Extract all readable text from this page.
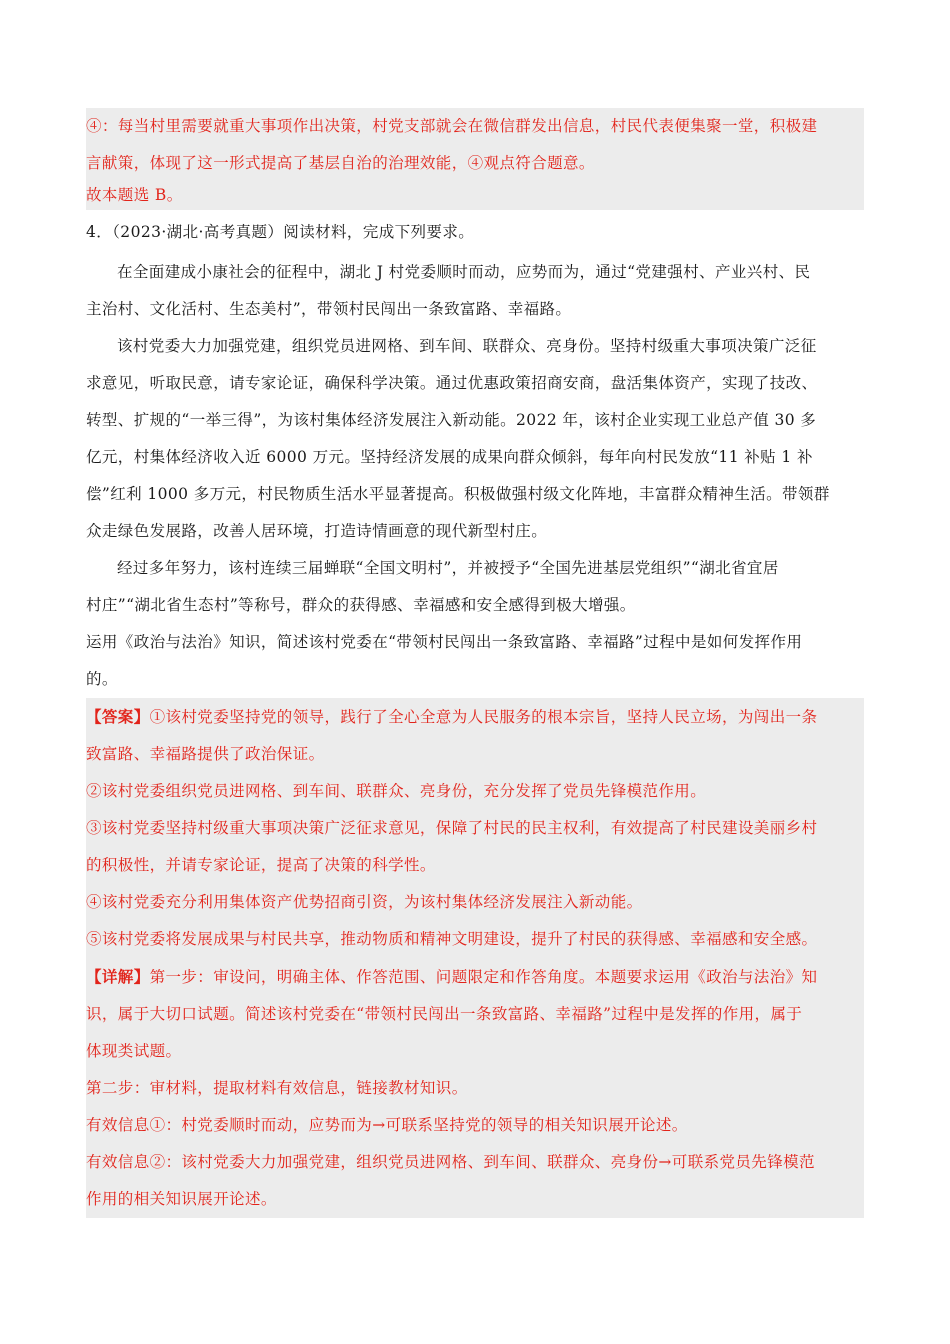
④：每当村里需要就重大事项作出决策，村党支部就会在微信群发出信息，村民代表便集聚一堂，积极建
言献策，体现了这一形式提高了基层自治的治理效能，④观点符合题意。
故本题选 B。
4．（2023·湖北·高考真题）阅读材料，完成下列要求。
在全面建成小康社会的征程中，湖北 J 村党委顺时而动，应势而为，通过“党建强村、产业兴村、民
主治村、文化活村、生态美村”，带领村民闯出一条致富路、幸福路。
该村党委大力加强党建，组织党员进网格、到车间、联群众、亮身份。坚持村级重大事项决策广泛征
求意见，听取民意，请专家论证，确保科学决策。通过优惠政策招商安商，盘活集体资产，实现了技改、
转型、扩规的“一举三得”，为该村集体经济发展注入新动能。2022 年，该村企业实现工业总产值 30 多
亿元，村集体经济收入近 6000 万元。坚持经济发展的成果向群众倾斜，每年向村民发放“11 补贴 1 补
偿”红利 1000 多万元，村民物质生活水平显著提高。积极做强村级文化阵地，丰富群众精神生活。带领群
众走绿色发展路，改善人居环境，打造诗情画意的现代新型村庄。
经过多年努力，该村连续三届蝉联“全国文明村”，并被授予“全国先进基层党组织”“湖北省宜居
村庄”“湖北省生态村”等称号，群众的获得感、幸福感和安全感得到极大增强。
运用《政治与法治》知识，简述该村党委在“带领村民闯出一条致富路、幸福路”过程中是如何发挥作用
的。
【答案】①该村党委坚持党的领导，践行了全心全意为人民服务的根本宗旨，坚持人民立场，为闯出一条
致富路、幸福路提供了政治保证。
②该村党委组织党员进网格、到车间、联群众、亮身份，充分发挥了党员先锋模范作用。
③该村党委坚持村级重大事项决策广泛征求意见，保障了村民的民主权利，有效提高了村民建设美丽乡村
的积极性，并请专家论证，提高了决策的科学性。
④该村党委充分利用集体资产优势招商引资，为该村集体经济发展注入新动能。
⑤该村党委将发展成果与村民共享，推动物质和精神文明建设，提升了村民的获得感、幸福感和安全感。
【详解】第一步：审设问，明确主体、作答范围、问题限定和作答角度。本题要求运用《政治与法治》知
识，属于大切口试题。简述该村党委在“带领村民闯出一条致富路、幸福路”过程中是发挥的作用，属于
体现类试题。
第二步：审材料，提取材料有效信息，链接教材知识。
有效信息①：村党委顺时而动，应势而为→可联系坚持党的领导的相关知识展开论述。
有效信息②：该村党委大力加强党建，组织党员进网格、到车间、联群众、亮身份→可联系党员先锋模范
作用的相关知识展开论述。
